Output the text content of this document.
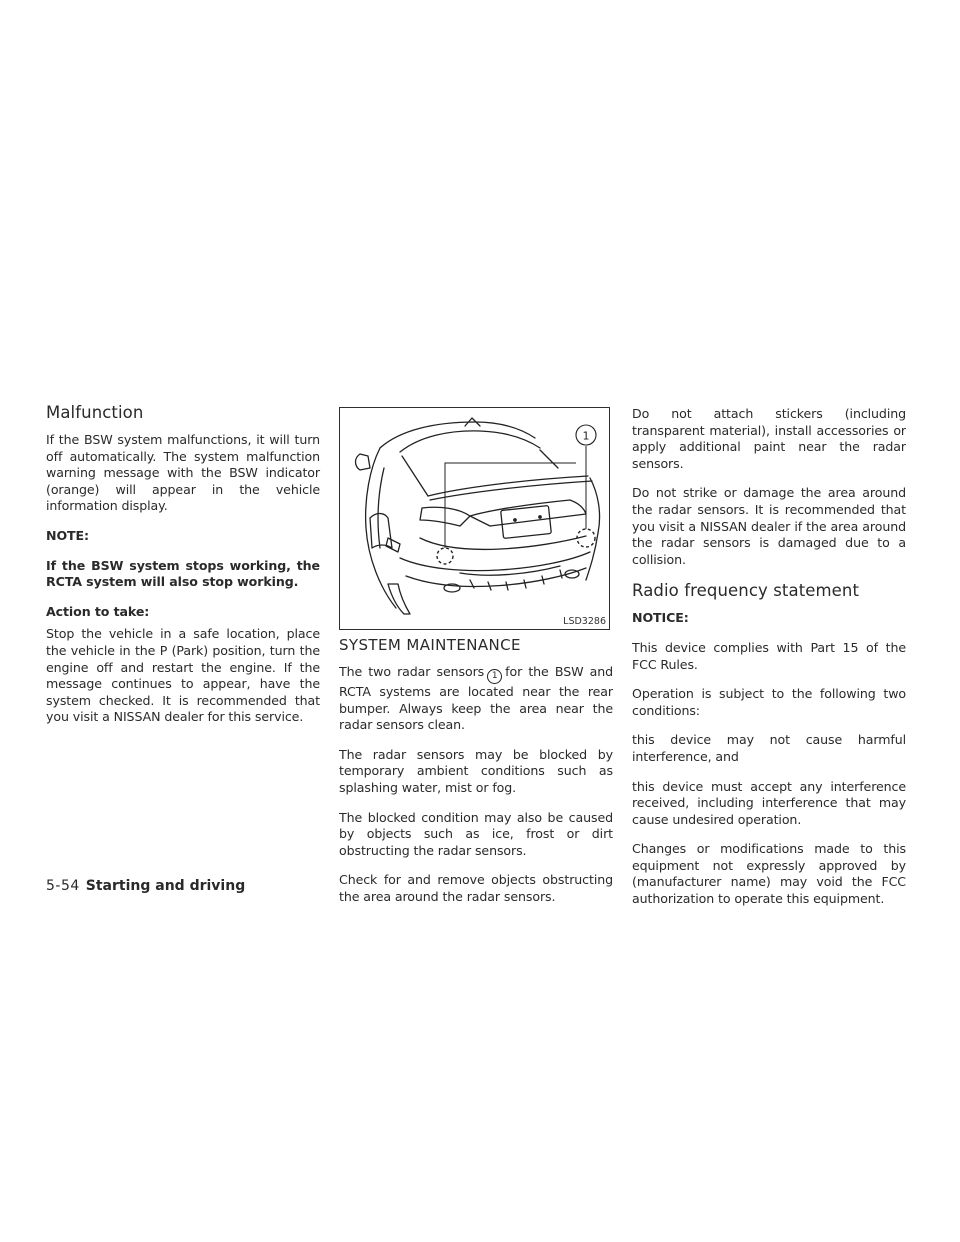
Malfunction

If the BSW system malfunctions, it will turn off automatically. The system malfunction warning message with the BSW indicator (orange) will appear in the vehicle information display.

NOTE:

If the BSW system stops working, the RCTA system will also stop working.

Action to take:

Stop the vehicle in a safe location, place the vehicle in the P (Park) position, turn the engine off and restart the engine. If the message continues to appear, have the system checked. It is recommended that you visit a NISSAN dealer for this service.

1
LSD3286
SYSTEM MAINTENANCE

The two radar sensors 1 for the BSW and RCTA systems are located near the rear bumper. Always keep the area near the radar sensors clean.

The radar sensors may be blocked by temporary ambient conditions such as splashing water, mist or fog.

The blocked condition may also be caused by objects such as ice, frost or dirt obstructing the radar sensors.

Check for and remove objects obstructing the area around the radar sensors.

Do not attach stickers (including transparent material), install accessories or apply additional paint near the radar sensors.

Do not strike or damage the area around the radar sensors. It is recommended that you visit a NISSAN dealer if the area around the radar sensors is damaged due to a collision.

Radio frequency statement

NOTICE:

This device complies with Part 15 of the FCC Rules.

Operation is subject to the following two conditions:

this device may not cause harmful interference, and

this device must accept any interference received, including interference that may cause undesired operation.

Changes or modifications made to this equipment not expressly approved by (manufacturer name) may void the FCC authorization to operate this equipment.

5-54 Starting and driving
